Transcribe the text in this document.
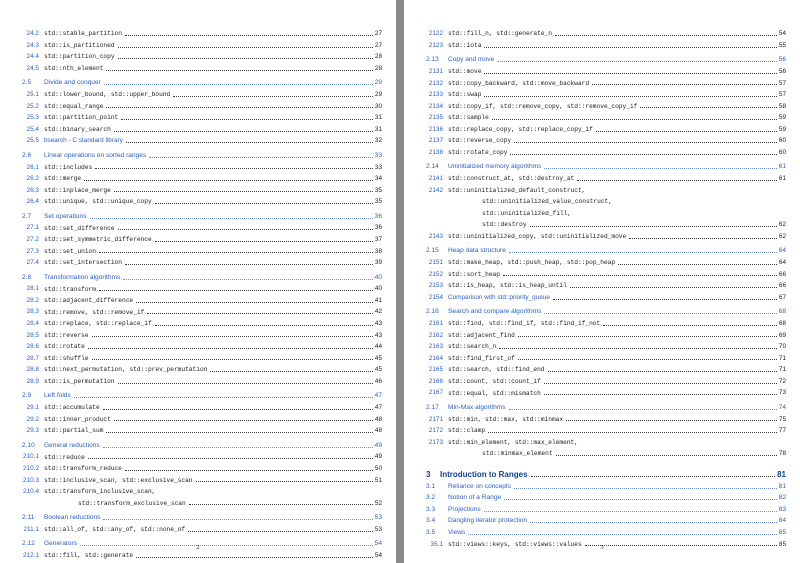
24.2 std::stable_partition	27
24.3 std::is_partitioned	27
24.4 std::partition_copy	28
24.5 std::nth_element	28
2.5	Divide and conquer	29
25.1 std::lower_bound, std::upper_bound	29
25.2 std::equal_range	30
25.3 std::partition_point	31
25.4 std::binary_search	31
25.5 bsearch - C standard library	32
2.6	Linear operations on sorted ranges	33
26.1 std::includes	33
26.2 std::merge	34
26.3 std::inplace_merge	35
26.4 std::unique, std::unique_copy	35
2.7	Set operations	36
27.1 std::set_difference	36
27.2 std::set_symmetric_difference	37
27.3 std::set_union	38
27.4 std::set_intersection	39
2.8	Transformation algorithms	40
28.1 std::transform	40
28.2 std::adjacent_difference	41
28.3 std::remove, std::remove_if	42
28.4 std::replace, std::replace_if	43
28.5 std::reverse	43
28.6 std::rotate	44
28.7 std::shuffle	45
28.8 std::next_permutation, std::prev_permutation	45
28.9 std::is_permutation	46
2.9	Left folds	47
29.1 std::accumulate	47
29.2 std::inner_product	48
29.3 std::partial_sum	48
2.10	General reductions	49
210.1 std::reduce	49
210.2 std::transform_reduce	50
210.3 std::inclusive_scan, std::exclusive_scan	51
210.4 std::transform_inclusive_scan,
std::transform_exclusive_scan	52
2.11	Boolean reductions	53
211.1 std::all_of, std::any_of, std::none_of	53
2.12	Generators	54
212.1 std::fill, std::generate	54
2
2122 std::fill_n, std::generate_n	54
2123 std::iota	55
2.13	Copy and move	56
2131 std::move	56
2132 std::copy_backward, std::move_backward	57
2133 std::swap	57
2134 std::copy_if, std::remove_copy, std::remove_copy_if	58
2135 std::sample	59
2136 std::replace_copy, std::replace_copy_if	59
2137 std::reverse_copy	60
2138 std::rotate_copy	60
2.14	Uninitialized memory algorithms	61
2141 std::construct_at, std::destroy_at	61
2142 std::uninitialized_default_construct,
std::uninitialized_value_construct,
std::uninitialized_fill,
std::destroy	62
2143 std::uninitialized_copy, std::uninitialized_move	62
2.15	Heap data structure	64
2151 std::make_heap, std::push_heap, std::pop_heap	64
2152 std::sort_heap	66
2153 std::is_heap, std::is_heap_until	66
2154 Comparison with std::priority_queue	67
2.16	Search and compare algorithms	68
2161 std::find, std::find_if, std::find_if_not	68
2162 std::adjacent_find	69
2163 std::search_n	70
2164 std::find_first_of	71
2165 std::search, std::find_end	71
2166 std::count, std::count_if	72
2167 std::equal, std::mismatch	73
2.17	Min-Max algorithms	74
2171 std::min, std::max, std::minmax	75
2172 std::clamp	77
2173 std::min_element, std::max_element,
std::minmax_element	78
3	Introduction to Ranges	81
3.1	Reliance on concepts	81
3.2	Notion of a Range	82
3.3	Projections	83
3.4	Dangling iterator protection	84
3.5	Views	85
35.1 std::views::keys, std::views::values	85
3
